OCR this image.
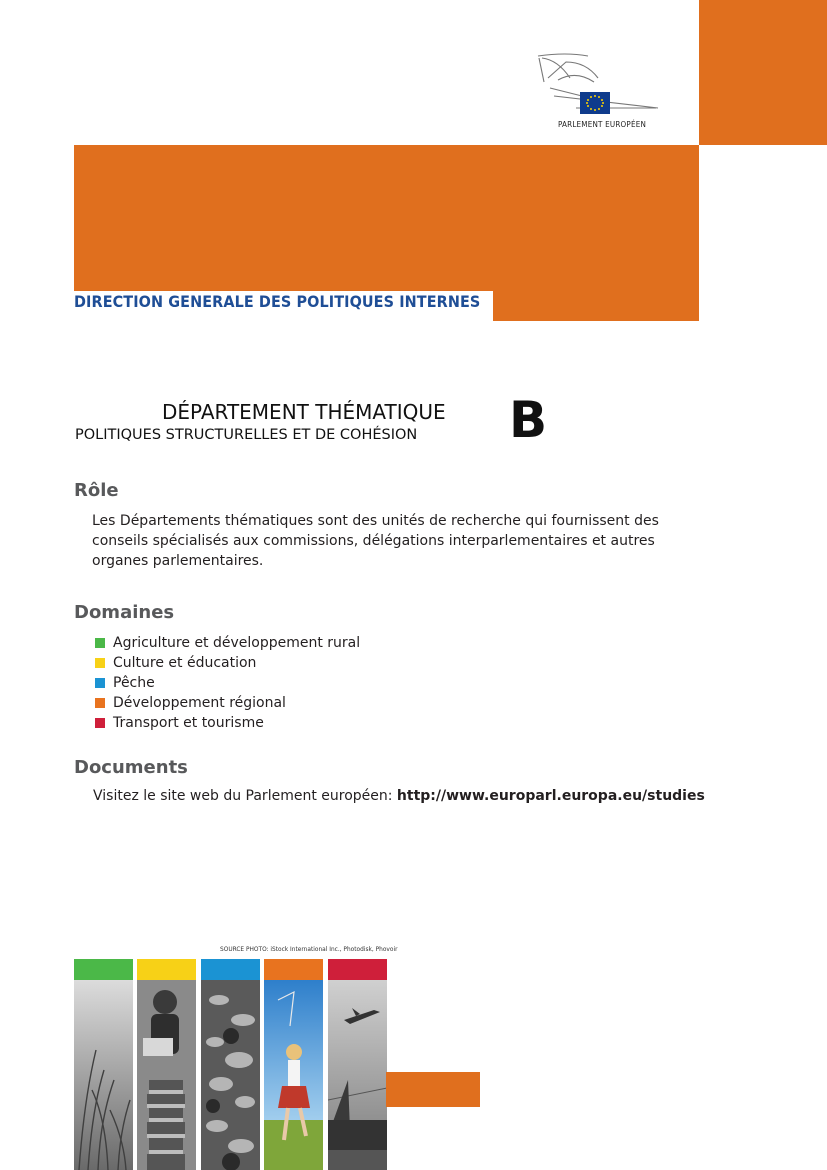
PARLEMENT EUROPÉEN
DIRECTION GENERALE DES POLITIQUES INTERNES
DÉPARTEMENT THÉMATIQUE
POLITIQUES STRUCTURELLES ET DE COHÉSION B
Rôle

Les Départements thématiques sont des unités de recherche qui fournissent des conseils spécialisés aux commissions, délégations interparlementaires et autres organes parlementaires.

Domaines
Agriculture et développement rural
Culture et éducation
Pêche
Développement régional
Transport et tourisme
Documents

Visitez le site web du Parlement européen: http://www.europarl.europa.eu/studies

SOURCE PHOTO: iStock International Inc., Photodisk, Phovoir
